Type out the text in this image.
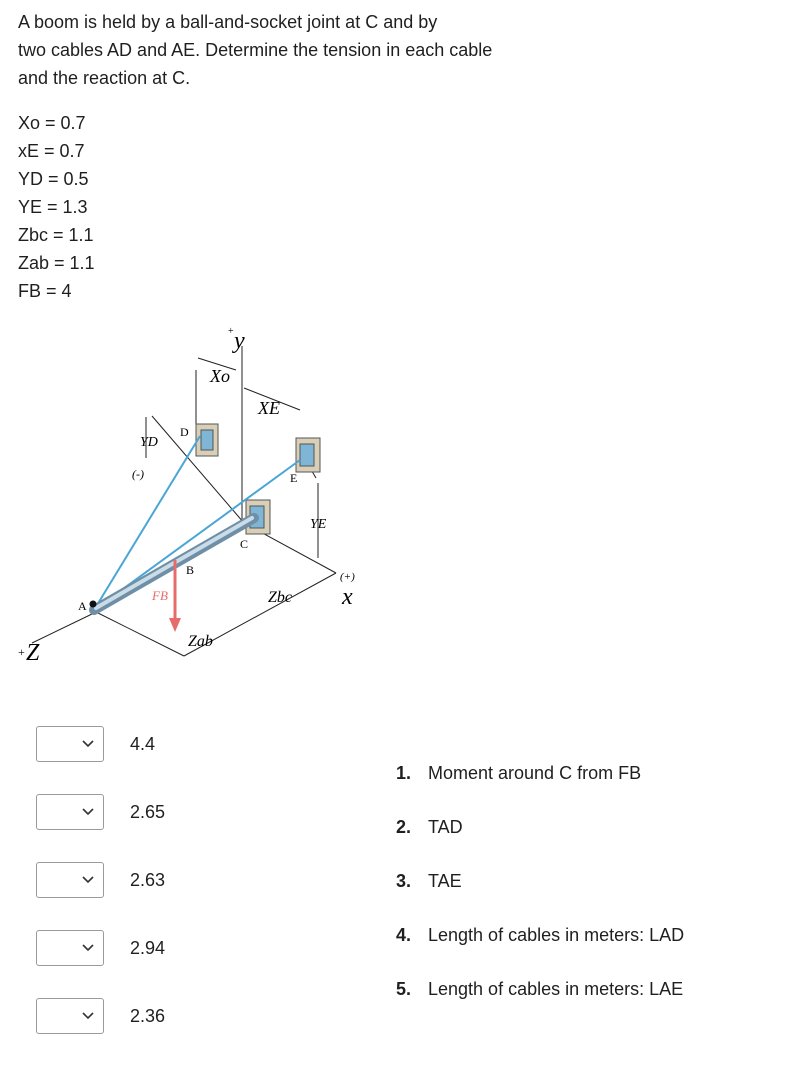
A boom is held by a ball-and-socket joint at C and by
two cables AD and AE. Determine the tension in each cable
and the reaction at C.
Xo = 0.7
xE = 0.7
YD = 0.5
YE = 1.3
Zbc = 1.1
Zab = 1.1
FB = 4
A
B
C
D
E
+ y
Xo
XE
YD
(-)
YE
FB	Zbc
Zab
(+)
x
+ Z
4.4
2.65
2.63
2.94
2.36
1. Moment around C from FB
2. TAD
3. TAE
4. Length of cables in meters: LAD
5. Length of cables in meters: LAE
